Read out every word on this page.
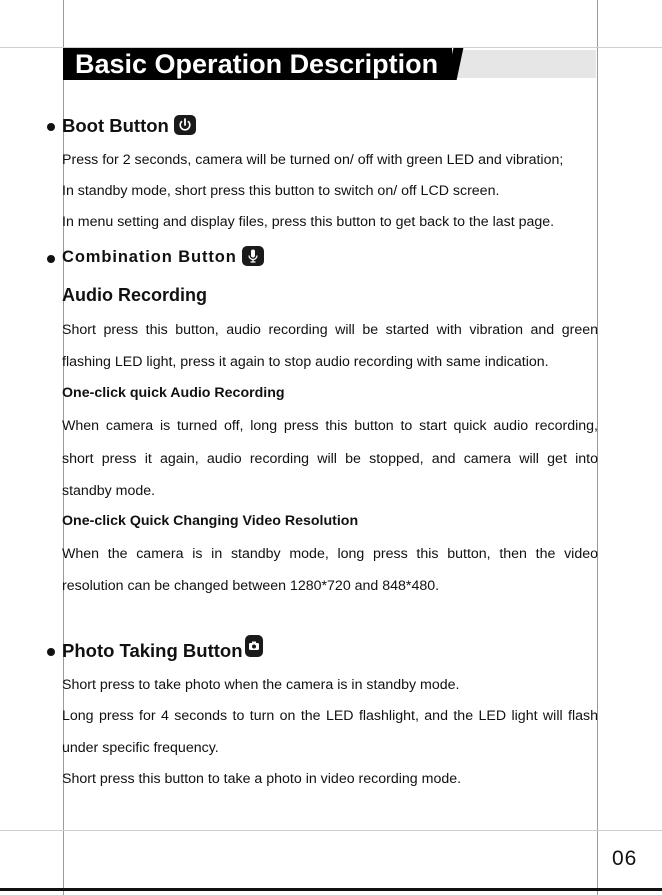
Basic Operation Description
Boot Button
Press for 2 seconds, camera will be turned on/ off with green LED and vibration;
In standby mode, short press this button to switch on/ off LCD screen.
In menu setting and display files, press this button to get back to the last page.
Combination Button
Audio Recording
Short press this button, audio recording will be started with vibration and green
flashing LED light, press it again to stop audio recording with same indication.
One-click quick Audio Recording
When camera is turned off, long press this button to start quick audio recording,
short press it again, audio recording will be stopped, and camera will get into
standby mode.
One-click Quick Changing Video Resolution
When the camera is in standby mode, long press this button, then the video
resolution can be changed between 1280*720 and 848*480.
Photo Taking Button
Short press to take photo when the camera is in standby mode.
Long press for 4 seconds to turn on the LED flashlight, and the LED light will flash
under specific frequency.
Short press this button to take a photo in video recording mode.
06
